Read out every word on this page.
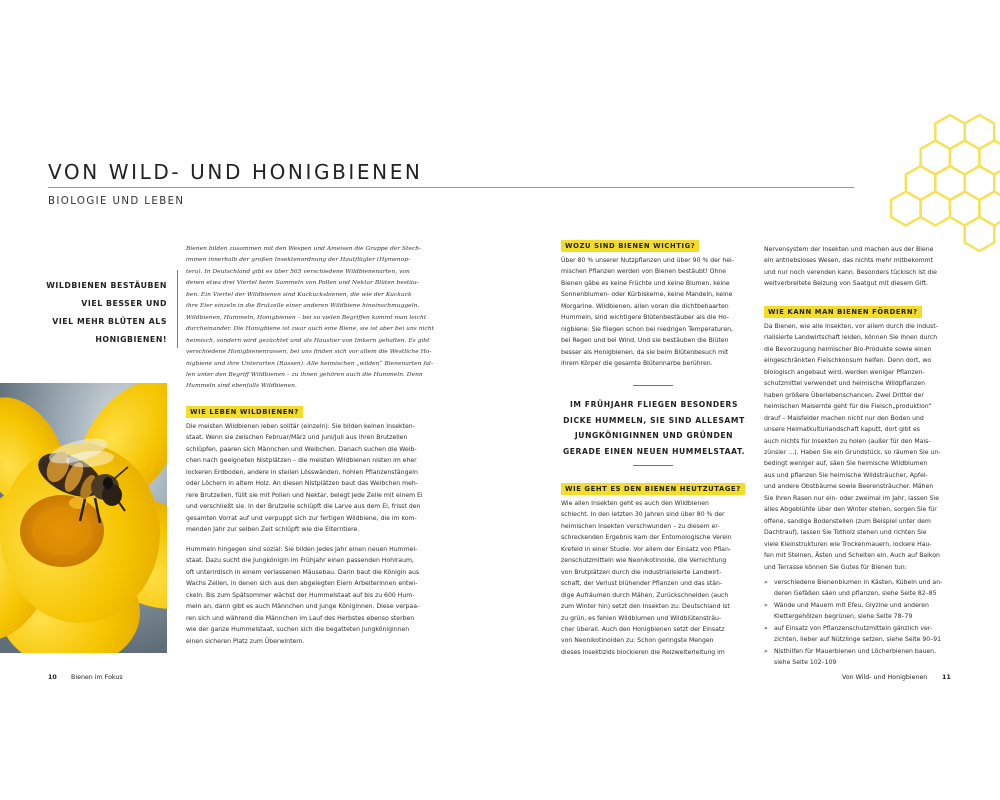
VON WILD- UND HONIGBIENEN
BIOLOGIE UND LEBEN
WILDBIENEN BESTÄUBEN
VIEL BESSER UND
VIEL MEHR BLÜTEN ALS
HONIGBIENEN!

Bienen bilden zusammen mit den Wespen und Ameisen die Gruppe der Stech-
immen innerhalb der großen Insektenordnung der Hautflügler (Hymenop-
tera). In Deutschland gibt es über 565 verschiedene Wildbienenarten, von
denen etwa drei Viertel beim Sammeln von Pollen und Nektar Blüten bestäu-
ben. Ein Viertel der Wildbienen sind Kuckucksbienen, die wie der Kuckuck
ihre Eier einzeln in die Brutzelle einer anderen Wildbiene hineinschmuggeln.
Wildbienen, Hummeln, Honigbienen – bei so vielen Begriffen kommt man leicht
durcheinander. Die Honigbiene ist zwar auch eine Biene, sie ist aber bei uns nicht
heimisch, sondern wird gezüchtet und als Haustier von Imkern gehalten. Es gibt
verschiedene Honigbienenrassen, bei uns finden sich vor allem die Westliche Ho-
nigbiene und ihre Unterarten (Rassen). Alle heimischen „wilden“ Bienenarten fal-
len unter den Begriff Wildbienen – zu ihnen gehören auch die Hummeln. Denn
Hummeln sind ebenfalls Wildbienen.

WIE LEBEN WILDBIENEN?

Die meisten Wildbienen leben solitär (einzeln): Sie bilden keinen Insekten-
staat. Wenn sie zwischen Februar/März und Juni/Juli aus ihren Brutzellen
schlüpfen, paaren sich Männchen und Weibchen. Danach suchen die Weib-
chen nach geeigneten Nistplätzen – die meisten Wildbienen nisten im eher
lockeren Erdboden, andere in steilen Lösswänden, hohlen Pflanzenstängeln
oder Löchern in altem Holz. An diesen Nistplätzen baut das Weibchen meh-
rere Brutzellen, füllt sie mit Pollen und Nektar, belegt jede Zelle mit einem Ei
und verschließt sie. In der Brutzelle schlüpft die Larve aus dem Ei, frisst den
gesamten Vorrat auf und verpuppt sich zur fertigen Wildbiene, die im kom-
menden Jahr zur selben Zeit schlüpft wie die Elterntiere.

Hummeln hingegen sind sozial: Sie bilden jedes Jahr einen neuen Hummel-
staat. Dazu sucht die Jungkönigin im Frühjahr einen passenden Hohlraum,
oft unterirdisch in einem verlassenen Mäusebau. Darin baut die Königin aus
Wachs Zellen, in denen sich aus den abgelegten Eiern Arbeiterinnen entwi-
ckeln. Bis zum Spätsommer wächst der Hummelstaat auf bis zu 600 Hum-
meln an, dann gibt es auch Männchen und junge Königinnen. Diese verpaa-
ren sich und während die Männchen im Lauf des Herbstes ebenso sterben
wie der ganze Hummelstaat, suchen sich die begatteten Jungköniginnen
einen sicheren Platz zum Überwintern.

WOZU SIND BIENEN WICHTIG?

Über 80 % unserer Nutzpflanzen und über 90 % der hei-
mischen Pflanzen werden von Bienen bestäubt! Ohne
Bienen gäbe es keine Früchte und keine Blumen, keine
Sonnenblumen- oder Kürbiskerne, keine Mandeln, keine
Morgarine. Wildbienen, allen voran die dichtbehaarten
Hummeln, sind wichtigere Blütenbestäuber als die Ho-
nigbiene: Sie fliegen schon bei niedrigen Temperaturen,
bei Regen und bei Wind. Und sie bestäuben die Blüten
besser als Honigbienen, da sie beim Blütenbesuch mit
ihrem Körper die gesamte Blütennarbe berühren.

IM FRÜHJAHR FLIEGEN BESONDERS
DICKE HUMMELN, SIE SIND ALLESAMT
JUNGKÖNIGINNEN UND GRÜNDEN
GERADE EINEN NEUEN HUMMELSTAAT.
WIE GEHT ES DEN BIENEN HEUTZUTAGE?

Wie allen Insekten geht es auch den Wildbienen
schlecht. In den letzten 30 Jahren sind über 80 % der
heimischen Insekten verschwunden – zu diesem er-
schreckenden Ergebnis kam der Entomologische Verein
Krefeld in einer Studie. Vor allem der Einsatz von Pflan-
zenschutzmitteln wie Neonikotinoide, die Vernichtung
von Brutplätzen durch die industrialisierte Landwirt-
schaft, der Verlust blühender Pflanzen und das stän-
dige Aufräumen durch Mähen, Zurückschneiden (auch
zum Winter hin) setzt den Insekten zu: Deutschland ist
zu grün, es fehlen Wildblumen und Wildblütensträu-
cher überall. Auch den Honigbienen setzt der Einsatz
von Neonikotinoiden zu: Schon geringste Mengen
dieses Insektizids blockieren die Reizweiterleitung im

Nervensystem der Insekten und machen aus der Biene
ein antriebsloses Wesen, das nichts mehr mitbekommt
und nur noch verenden kann. Besonders tückisch ist die
weitverbreitete Beizung von Saatgut mit diesem Gift.

WIE KANN MAN BIENEN FÖRDERN?

Da Bienen, wie alle Insekten, vor allem durch die indust-
rialisierte Landwirtschaft leiden, können Sie ihnen durch
die Bevorzugung heimischer Bio-Produkte sowie einen
eingeschränkten Fleischkonsum helfen. Denn dort, wo
biologisch angebaut wird, werden weniger Pflanzen-
schutzmittel verwendet und heimische Wildpflanzen
haben größere Überlebenschancen. Zwei Drittel der
heimischen Maisernte geht für die Fleisch„produktion“
drauf – Maisfelder machen nicht nur den Boden und
unsere Heimatkulturlandschaft kaputt, dort gibt es
auch nichts für Insekten zu holen (außer für den Mais-
zünsler …). Haben Sie ein Grundstück, so räumen Sie un-
bedingt weniger auf, säen Sie heimische Wildblumen
aus und pflanzen Sie heimische Wildsträucher, Apfel-
und andere Obstbäume sowie Beerensträucher. Mähen
Sie Ihren Rasen nur ein- oder zweimal im Jahr, lassen Sie
alles Abgeblühte über den Winter stehen, sorgen Sie für
offene, sandige Bodenstellen (zum Beispiel unter dem
Dachtrauf), lassen Sie Totholz stehen und richten Sie
viele Kleinstrukturen wie Trockenmauern, lockere Hau-
fen mit Steinen, Ästen und Scheiten ein. Auch auf Balkon
und Terrasse können Sie Gutes für Bienen tun:

» verschiedene Bienenblumen in Kästen, Kübeln und an-
deren Gefäßen säen und pflanzen, siehe Seite 82–85
» Wände und Mauern mit Efeu, Glyzine und anderen
Klettergehölzen begrünen, siehe Seite 78–79
» auf Einsatz von Pflanzenschutzmitteln gänzlich ver-
zichten, lieber auf Nützlinge setzen, siehe Seite 90–91
» Nisthilfen für Mauerbienen und Löcherbienen bauen,
siehe Seite 102–109
10 Bienen im Fokus	Von Wild- und Honigbienen 11
